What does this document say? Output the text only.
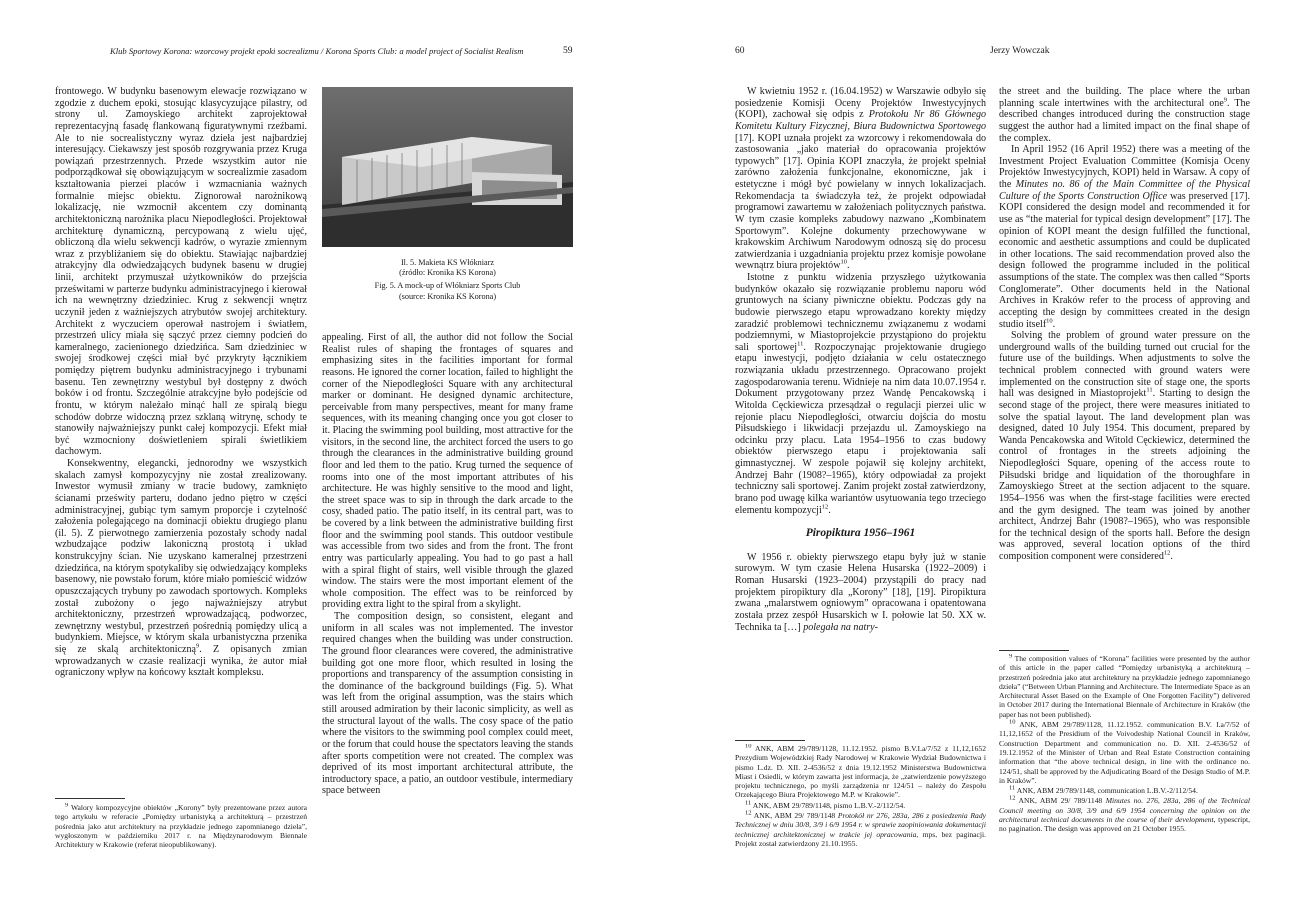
Klub Sportowy Korona: wzorcowy projekt epoki socrealizmu / Korona Sports Club: a model project of Socialist Realism	59

frontowego. W budynku basenowym elewacje rozwiązano w zgodzie z duchem epoki, stosując klasycyzujące pilastry, od strony ul. Zamoyskiego architekt zaprojektował reprezentacyjną fasadę flankowaną figuratywnymi rzeźbami. Ale to nie socrealistyczny wyraz dzieła jest najbardziej interesujący. Ciekawszy jest sposób rozgrywania przez Kruga powiązań przestrzennych. Przede wszystkim autor nie podporządkował się obowiązującym w socrealizmie zasadom kształtowania pierzei placów i wzmacniania ważnych formalnie miejsc obiektu. Zignorował narożnikową lokalizację, nie wzmocnił akcentem czy dominantą architektoniczną narożnika placu Niepodległości. Projektował architekturę dynamiczną, percypowaną z wielu ujęć, obliczoną dla wielu sekwencji kadrów, o wyrazie zmiennym wraz z przybliżaniem się do obiektu. Stawiając najbardziej atrakcyjny dla odwiedzających budynek basenu w drugiej linii, architekt przymuszał użytkowników do przejścia prześwitami w parterze budynku administracyjnego i kierował ich na wewnętrzny dziedziniec. Krug z sekwencji wnętrz uczynił jeden z ważniejszych atrybutów swojej architektury. Architekt z wyczuciem operował nastrojem i światłem, przestrzeń ulicy miała się sączyć przez ciemny podcień do kameralnego, zacienionego dziedzińca. Sam dziedziniec w swojej środkowej części miał być przykryty łącznikiem pomiędzy piętrem budynku administracyjnego i trybunami basenu. Ten zewnętrzny westybul był dostępny z dwóch boków i od frontu. Szczególnie atrakcyjne było podejście od frontu, w którym należało minąć hall ze spiralą biegu schodów dobrze widoczną przez szklaną witrynę, schody te stanowiły najważniejszy punkt całej kompozycji. Efekt miał być wzmocniony doświetleniem spirali świetlikiem dachowym.

Konsekwentny, elegancki, jednorodny we wszystkich skalach zamysł kompozycyjny nie został zrealizowany. Inwestor wymusił zmiany w tracie budowy, zamknięto ścianami prześwity parteru, dodano jedno piętro w części administracyjnej, gubiąc tym samym proporcje i czytelność założenia polegającego na dominacji obiektu drugiego planu (il. 5). Z pierwotnego zamierzenia pozostały schody nadal wzbudzające podziw lakoniczną prostotą i układ konstrukcyjny ścian. Nie uzyskano kameralnej przestrzeni dziedzińca, na którym spotykaliby się odwiedzający kompleks basenowy, nie powstało forum, które miało pomieścić widzów opuszczających trybuny po zawodach sportowych. Kompleks został zubożony o jego najważniejszy atrybut architektoniczny, przestrzeń wprowadzającą, podworzec, zewnętrzny westybul, przestrzeń pośrednią pomiędzy ulicą a budynkiem. Miejsce, w którym skala urbanistyczna przenika się ze skalą architektoniczną$^9$. Z opisanych zmian wprowadzanych w czasie realizacji wynika, że autor miał ograniczony wpływ na końcowy kształt kompleksu.

$^9$ Walory kompozycyjne obiektów „Korony” były prezentowane przez autora tego artykułu w referacie „Pomiędzy urbanistyką a architekturą – przestrzeń pośrednia jako atut architektury na przykładzie jednego zapomnianego dzieła”, wygłoszonym w październiku 2017 r. na Międzynarodowym Biennale Architektury w Krakowie (referat nieopublikowany).

Il. 5. Makieta KS Włókniarz
(źródło: Kronika KS Korona)
Fig. 5. A mock-up of Włókniarz Sports Club
(source: Kronika KS Korona)

appealing. First of all, the author did not follow the Social Realist rules of shaping the frontages of squares and emphasizing sites in the facilities important for formal reasons. He ignored the corner location, failed to highlight the corner of the Niepodległości Square with any architectural marker or dominant. He designed dynamic architecture, perceivable from many perspectives, meant for many frame sequences, with its meaning changing once you got closer to it. Placing the swimming pool building, most attractive for the visitors, in the second line, the architect forced the users to go through the clearances in the administrative building ground floor and led them to the patio. Krug turned the sequence of rooms into one of the most important attributes of his architecture. He was highly sensitive to the mood and light, the street space was to sip in through the dark arcade to the cosy, shaded patio. The patio itself, in its central part, was to be covered by a link between the administrative building first floor and the swimming pool stands. This outdoor vestibule was accessible from two sides and from the front. The front entry was particularly appealing. You had to go past a hall with a spiral flight of stairs, well visible through the glazed window. The stairs were the most important element of the whole composition. The effect was to be reinforced by providing extra light to the spiral from a skylight.

The composition design, so consistent, elegant and uniform in all scales was not implemented. The investor required changes when the building was under construction. The ground floor clearances were covered, the administrative building got one more floor, which resulted in losing the proportions and transparency of the assumption consisting in the dominance of the background buildings (Fig. 5). What was left from the original assumption, was the stairs which still aroused admiration by their laconic simplicity, as well as the structural layout of the walls. The cosy space of the patio where the visitors to the swimming pool complex could meet, or the forum that could house the spectators leaving the stands after sports competition were not created. The complex was deprived of its most important architectural attribute, the introductory space, a patio, an outdoor vestibule, intermediary space between

60	Jerzy Wowczak

W kwietniu 1952 r. (16.04.1952) w Warszawie odbyło się posiedzenie Komisji Oceny Projektów Inwestycyjnych (KOPI), zachował się odpis z Protokołu Nr 86 Głównego Komitetu Kultury Fizycznej, Biura Budownictwa Sportowego [17]. KOPI uznała projekt za wzorcowy i rekomendowała do zastosowania „jako materiał do opracowania projektów typowych” [17]. Opinia KOPI znaczyła, że projekt spełniał zarówno założenia funkcjonalne, ekonomiczne, jak i estetyczne i mógł być powielany w innych lokalizacjach. Rekomendacja ta świadczyła też, że projekt odpowiadał programowi zawartemu w założeniach politycznych państwa. W tym czasie kompleks zabudowy nazwano „Kombinatem Sportowym”. Kolejne dokumenty przechowywane w krakowskim Archiwum Narodowym odnoszą się do procesu zatwierdzania i uzgadniania projektu przez komisje powołane wewnątrz biura projektów$^{10}$.

Istotne z punktu widzenia przyszłego użytkowania budynków okazało się rozwiązanie problemu naporu wód gruntowych na ściany piwniczne obiektu. Podczas gdy na budowie pierwszego etapu wprowadzano korekty między zaradzić problemowi technicznemu związanemu z wodami podziemnymi, w Miastoprojekcie przystąpiono do projektu sali sportowej$^{11}$. Rozpoczynając projektowanie drugiego etapu inwestycji, podjęto działania w celu ostatecznego rozwiązania układu przestrzennego. Opracowano projekt zagospodarowania terenu. Widnieje na nim data 10.07.1954 r. Dokument przygotowany przez Wandę Pencakowską i Witolda Cęckiewicza przesądzał o regulacji pierzei ulic w rejonie placu Niepodległości, otwarciu dojścia do mostu Piłsudskiego i likwidacji przejazdu ul. Zamoyskiego na odcinku przy placu. Lata 1954–1956 to czas budowy obiektów pierwszego etapu i projektowania sali gimnastycznej. W zespole pojawił się kolejny architekt, Andrzej Bahr (1908?–1965), który odpowiadał za projekt techniczny sali sportowej. Zanim projekt został zatwierdzony, brano pod uwagę kilka wariantów usytuowania tego trzeciego elementu kompozycji$^{12}$.

Piropiktura 1956–1961

W 1956 r. obiekty pierwszego etapu były już w stanie surowym. W tym czasie Helena Husarska (1922–2009) i Roman Husarski (1923–2004) przystąpili do pracy nad projektem piropiktury dla „Korony” [18], [19]. Piropiktura zwana „malarstwem ogniowym” opracowana i opatentowana została przez zespół Husarskich w I. połowie lat 50. XX w. Technika ta […] polegała na natry-

$^{10}$ ANK, ABM 29/789/1128, 11.12.1952. pismo B.V.I.a/7/52 z 11,12,1652 Prezydium Wojewódzkiej Rady Narodowej w Krakowie Wydział Budownictwa i pismo L.dz. D. XII. 2-4536/52 z dnia 19.12.1952 Ministerstwa Budownictwa Miast i Osiedli, w którym zawarta jest informacja, że „zatwierdzenie powyższego projektu technicznego, po myśli zarządzenia nr 124/51 – należy do Zespołu Orzekającego Biura Projektowego M.P. w Krakowie”.

$^{11}$ ANK, ABM 29/789/1148, pismo L.B.V.-2/112/54.

$^{12}$ ANK, ABM 29/ 789/1148 Protokół nr 276, 283a, 286 z posiedzenia Rady Technicznej w dniu 30/8, 3/9 i 6/9 1954 r. w sprawie zaopiniowania dokumentacji technicznej architektonicznej w trakcie jej opracowania, mps, bez paginacji. Projekt został zatwierdzony 21.10.1955.

the street and the building. The place where the urban planning scale intertwines with the architectural one$^9$. The described changes introduced during the construction stage suggest the author had a limited impact on the final shape of the complex.

In April 1952 (16 April 1952) there was a meeting of the Investment Project Evaluation Committee (Komisja Oceny Projektów Inwestycyjnych, KOPI) held in Warsaw. A copy of the Minutes no. 86 of the Main Committee of the Physical Culture of the Sports Construction Office was preserved [17]. KOPI considered the design model and recommended it for use as “the material for typical design development” [17]. The opinion of KOPI meant the design fulfilled the functional, economic and aesthetic assumptions and could be duplicated in other locations. The said recommendation proved also the design followed the programme included in the political assumptions of the state. The complex was then called “Sports Conglomerate”. Other documents held in the National Archives in Kraków refer to the process of approving and accepting the design by committees created in the design studio itself$^{10}$.

Solving the problem of ground water pressure on the underground walls of the building turned out crucial for the future use of the buildings. When adjustments to solve the technical problem connected with ground waters were implemented on the construction site of stage one, the sports hall was designed in Miastoprojekt$^{11}$. Starting to design the second stage of the project, there were measures initiated to solve the spatial layout. The land development plan was designed, dated 10 July 1954. This document, prepared by Wanda Pencakowska and Witold Cęckiewicz, determined the control of frontages in the streets adjoining the Niepodległości Square, opening of the access route to Piłsudski bridge and liquidation of the thoroughfare in Zamoyskiego Street at the section adjacent to the square. 1954–1956 was when the first-stage facilities were erected and the gym designed. The team was joined by another architect, Andrzej Bahr (1908?–1965), who was responsible for the technical design of the sports hall. Before the design was approved, several location options of the third composition component were considered$^{12}$.

$^9$ The composition values of “Korona” facilities were presented by the author of this article in the paper called “Pomiędzy urbanistyką a architekturą – przestrzeń pośrednia jako atut architektury na przykładzie jednego zapomnianego dzieła” (“Between Urban Planning and Architecture. The Intermediate Space as an Architectural Asset Based on the Example of One Forgotten Facility”) delivered in October 2017 during the International Biennale of Architecture in Kraków (the paper has not been published).

$^{10}$ ANK, ABM 29/789/1128, 11.12.1952. communication B.V. I.a/7/52 of 11,12,1652 of the Presidium of the Voivodeship National Council in Kraków, Construction Department and communication no. D. XII. 2-4536/52 of 19.12.1952 of the Minister of Urban and Real Estate Construction containing information that “the above technical design, in line with the ordinance no. 124/51, shall be approved by the Adjudicating Board of the Design Studio of M.P. in Kraków”.

$^{11}$ ANK, ABM 29/789/1148, communication L.B.V.-2/112/54.

$^{12}$ ANK, ABM 29/ 789/1148 Minutes no. 276, 283a, 286 of the Technical Council meeting on 30/8, 3/9 and 6/9 1954 concerning the opinion on the architectural technical documents in the course of their development, typescript, no pagination. The design was approved on 21 October 1955.
